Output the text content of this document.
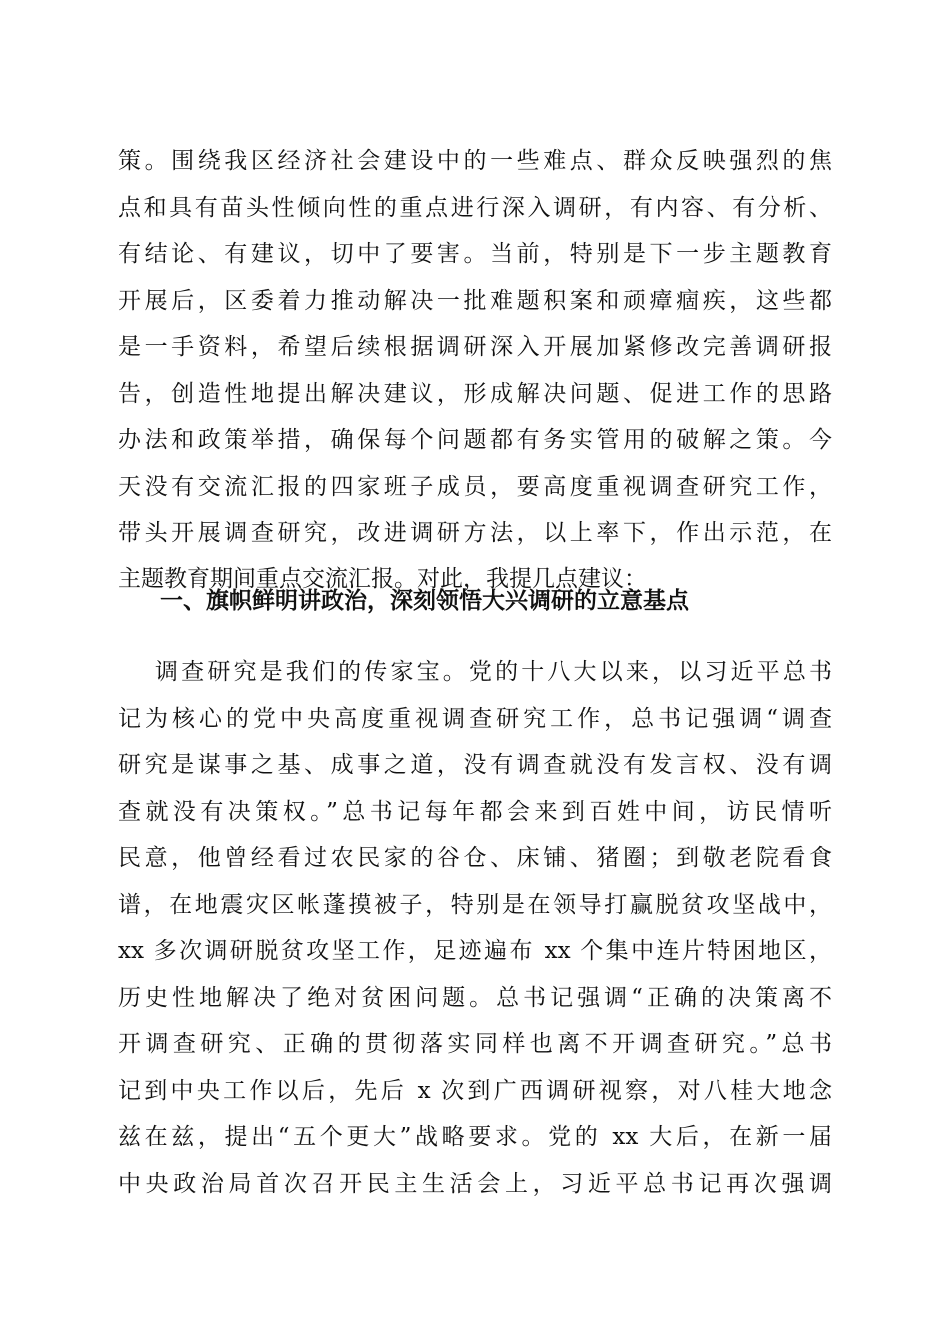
策。围绕我区经济社会建设中的一些难点、群众反映强烈的焦
点和具有苗头性倾向性的重点进行深入调研，有内容、有分析、
有结论、有建议，切中了要害。当前，特别是下一步主题教育
开展后，区委着力推动解决一批难题积案和顽瘴痼疾，这些都
是一手资料，希望后续根据调研深入开展加紧修改完善调研报
告，创造性地提出解决建议，形成解决问题、促进工作的思路
办法和政策举措，确保每个问题都有务实管用的破解之策。今
天没有交流汇报的四家班子成员，要高度重视调查研究工作，
带头开展调查研究，改进调研方法，以上率下，作出示范，在
主题教育期间重点交流汇报。对此，我提几点建议：
一、旗帜鲜明讲政治，深刻领悟大兴调研的立意基点
调查研究是我们的传家宝。党的十八大以来，以习近平总书
记为核心的党中央高度重视调查研究工作，总书记强调“调查
研究是谋事之基、成事之道，没有调查就没有发言权、没有调
查就没有决策权。”总书记每年都会来到百姓中间，访民情听
民意，他曾经看过农民家的谷仓、床铺、猪圈；到敬老院看食
谱，在地震灾区帐蓬摸被子，特别是在领导打赢脱贫攻坚战中，
xx 多次调研脱贫攻坚工作，足迹遍布 xx 个集中连片特困地区，
历史性地解决了绝对贫困问题。总书记强调“正确的决策离不
开调查研究、正确的贯彻落实同样也离不开调查研究。”总书
记到中央工作以后，先后 x 次到广西调研视察，对八桂大地念
兹在兹，提出“五个更大”战略要求。党的 xx 大后，在新一届
中央政治局首次召开民主生活会上，习近平总书记再次强调
